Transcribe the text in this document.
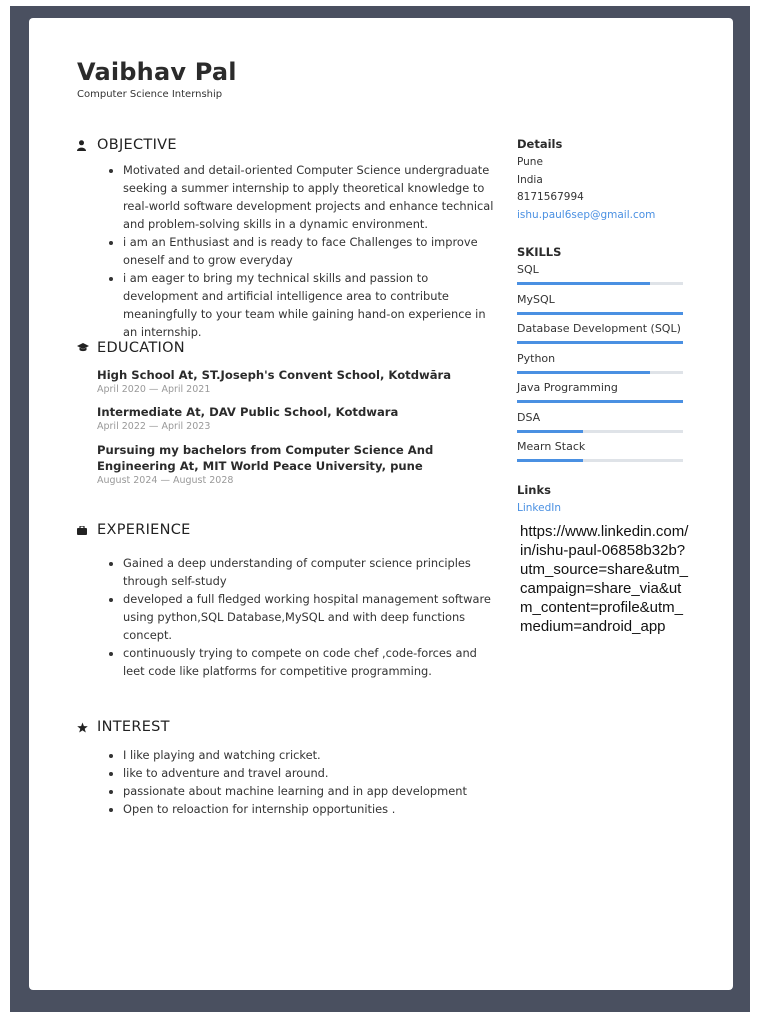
Vaibhav Pal

Computer Science Internship

OBJECTIVE
• Motivated and detail-oriented Computer Science undergraduate seeking a summer internship to apply theoretical knowledge to real-world software development projects and enhance technical and problem-solving skills in a dynamic environment.
• i am an Enthusiast and is ready to face Challenges to improve oneself and to grow everyday
• i am eager to bring my technical skills and passion to development and artificial intelligence area to contribute meaningfully to your team while gaining hand-on experience in an internship.
EDUCATION
High School At, ST.Joseph's Convent School, Kotdwāra
April 2020 — April 2021
Intermediate At, DAV Public School, Kotdwara
April 2022 — April 2023
Pursuing my bachelors from Computer Science And Engineering At, MIT World Peace University, pune
August 2024 — August 2028
EXPERIENCE
• Gained a deep understanding of computer science principles through self-study
• developed a full fledged working hospital management software using python,SQL Database,MySQL and with deep functions concept.
• continuously trying to compete on code chef ,code-forces and leet code like platforms for competitive programming.
INTEREST
• I like playing and watching cricket.
• like to adventure and travel around.
• passionate about machine learning and in app development
• Open to reloaction for internship opportunities .
Details
Pune
India
8171567994
ishu.paul6sep@gmail.com
SKILLS
SQL
MySQL
Database Development (SQL)
Python
Java Programming
DSA
Mearn Stack
Links
LinkedIn
https://www.linkedin.com/in/ishu-paul-06858b32b?utm_source=share&utm_campaign=share_via&utm_content=profile&utm_medium=android_app
